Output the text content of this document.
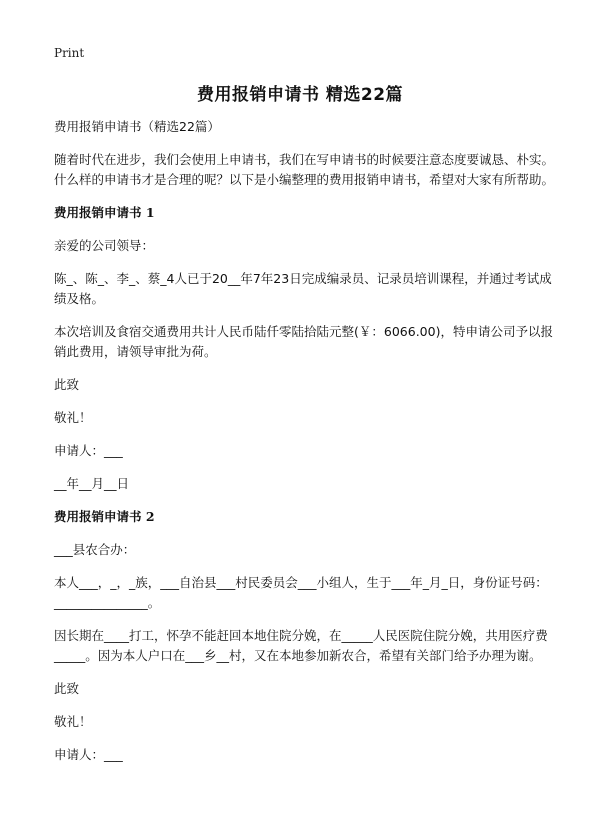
Print
费用报销申请书 精选22篇

费用报销申请书（精选22篇）

随着时代在进步，我们会使用上申请书，我们在写申请书的时候要注意态度要诚恳、朴实。什么样的申请书才是合理的呢？以下是小编整理的费用报销申请书，希望对大家有所帮助。

费用报销申请书 1

亲爱的公司领导：

陈_、陈_、李_、蔡_4人已于20__年7年23日完成编录员、记录员培训课程，并通过考试成绩及格。

本次培训及食宿交通费用共计人民币陆仟零陆拾陆元整(￥：6066.00)，特申请公司予以报销此费用，请领导审批为荷。

此致

敬礼！

申请人：___

__年__月__日

费用报销申请书 2

___县农合办：

本人___，_，_族，___自治县___村民委员会___小组人，生于___年_月_日，身份证号码：_______________。

因长期在____打工，怀孕不能赶回本地住院分娩，在_____人民医院住院分娩，共用医疗费_____。因为本人户口在___乡__村，又在本地参加新农合，希望有关部门给予办理为谢。

此致

敬礼！

申请人：___
